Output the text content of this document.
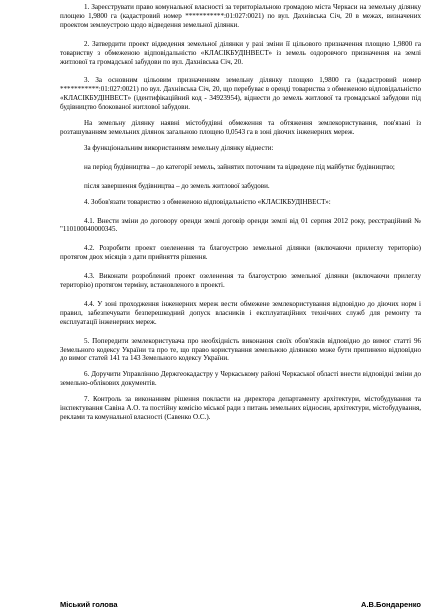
1. Зареєструвати право комунальної власності за територіальною громадою міста Черкаси на земельну ділянку площею 1,9800 га (кадастровий номер ***********:01:027:0021) по вул. Дахнівська Січ, 20 в межах, визначених проектом землеустрою щодо відведення земельної ділянки.

2. Затвердити проект відведення земельної ділянки у разі зміни її цільового призначення площею 1,9800 га товариству з обмеженою відповідальністю «КЛАСІКБУДІНВЕСТ» із земель оздоровчого призначення на землі житлової та громадської забудови по вул. Дахнівська Січ, 20.

3. За основним цільовим призначенням земельну ділянку площею 1,9800 га (кадастровий номер ***********:01:027:0021) по вул. Дахнівська Січ, 20, що перебуває в оренді товариства з обмеженою відповідальністю «КЛАСІКБУДІНВЕСТ» (ідентифікаційний код - 34923954), віднести до земель житлової та громадської забудови під будівництво блокованої житлової забудови.

На земельну ділянку наявні містобудівні обмеження та обтяження землекористування, пов'язані із розташуванням земельних ділянок загальною площею 0,0543 га в зоні діючих інженерних мереж.

За функціональним використанням земельну ділянку віднести:

на період будівництва – до категорії земель, зайнятих поточним та відведене під майбутнє будівництво;

після завершення будівництва – до земель житлової забудови.

4. Зобов'язати товариство з обмеженою відповідальністю «КЛАСІКБУДІНВЕСТ»:

4.1. Внести зміни до договору оренди землі договір оренди землі від 01 серпня 2012 року, реєстраційний № "110100040000345.

4.2. Розробити проект озеленення та благоустрою земельної ділянки (включаючи прилеглу територію) протягом двох місяців з дати прийняття рішення.

4.3. Виконати розроблений проект озеленення та благоустрою земельної ділянки (включаючи прилеглу територію) протягом терміну, встановленого в проекті.

4.4. У зоні проходження інженерних мереж вести обмежене землекористування відповідно до діючих норм і правил, забезпечувати безперешкодний допуск власників і експлуатаційних технічних служб для ремонту та експлуатації інженерних мереж.

5. Попередити землекористувача про необхідність виконання своїх обов'язків відповідно до вимог статті 96 Земельного кодексу України та про те, що право користування земельною ділянкою може бути припинено відповідно до вимог статей 141 та 143 Земельного кодексу України.

6. Доручити Управлінню Держгеокадастру у Черкаському районі Черкаської області внести відповідні зміни до земельно-облікових документів.

7. Контроль за виконанням рішення покласти на директора департаменту архітектури, містобудування та інспектування Савіна А.О. та постійну комісію міської ради з питань земельних відносин, архітектури, містобудування, реклами та комунальної власності (Савенко О.С.).

Міський голова	А.В.Бондаренко
